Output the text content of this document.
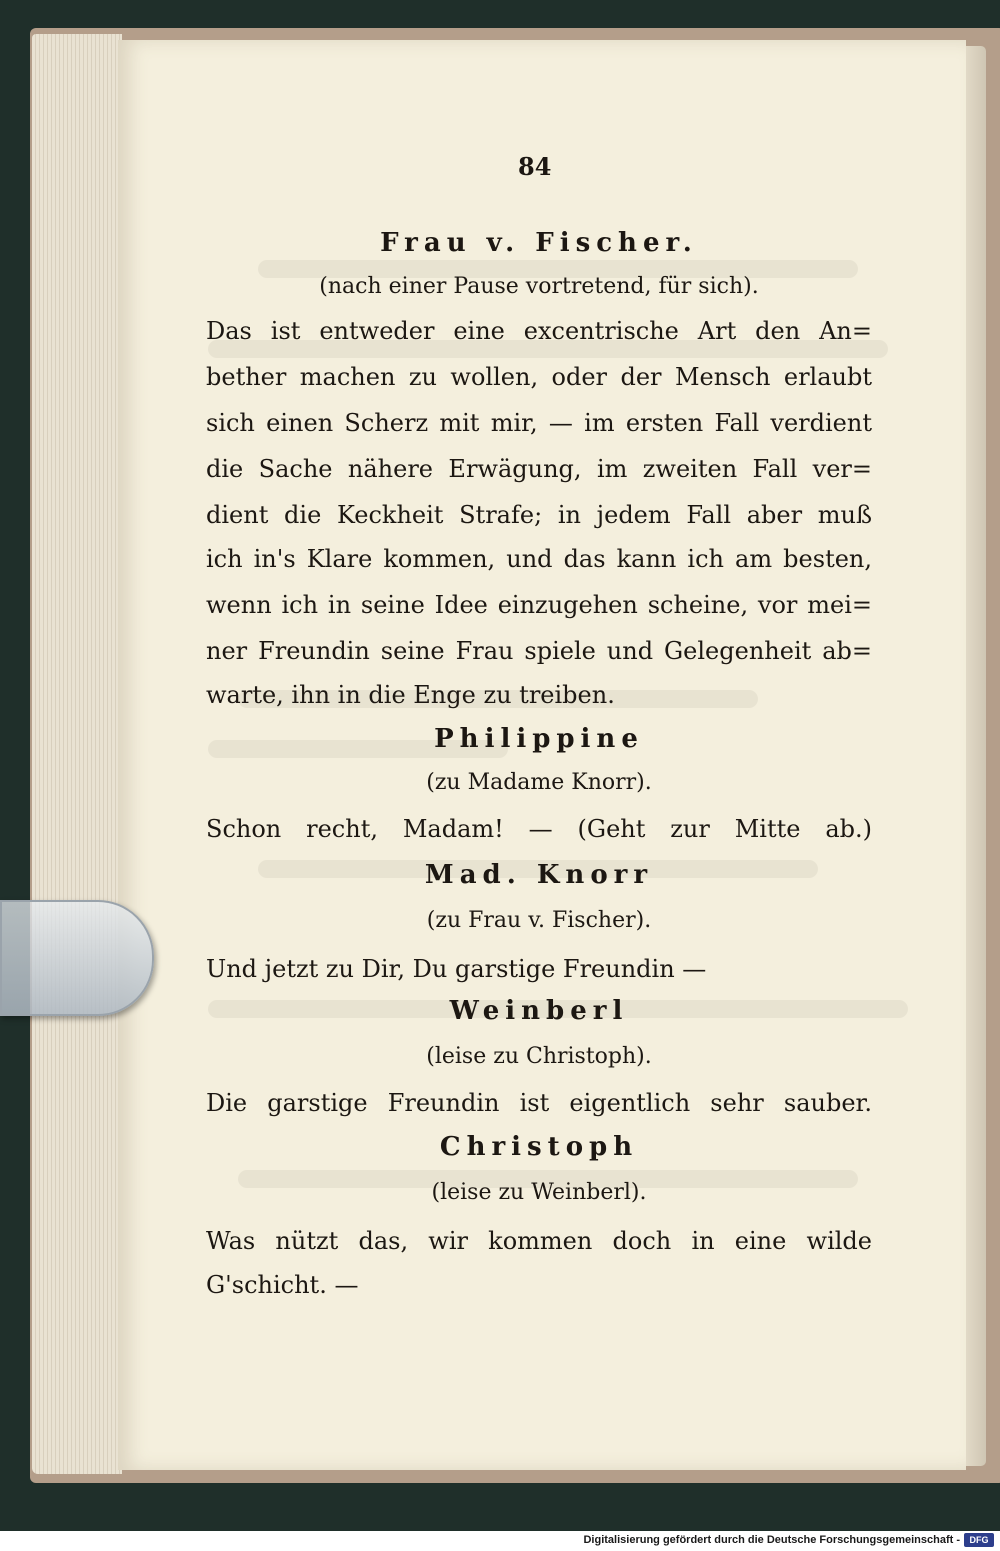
84
Frau v. Fischer.
(nach einer Pause vortretend, für sich).
Das ist entweder eine excentrische Art den An=
bether machen zu wollen, oder der Mensch erlaubt
sich einen Scherz mit mir, — im ersten Fall verdient
die Sache nähere Erwägung, im zweiten Fall ver=
dient die Keckheit Strafe; in jedem Fall aber muß
ich in's Klare kommen, und das kann ich am besten,
wenn ich in seine Idee einzugehen scheine, vor mei=
ner Freundin seine Frau spiele und Gelegenheit ab=
warte, ihn in die Enge zu treiben.
Philippine
(zu Madame Knorr).
Schon recht, Madam! — (Geht zur Mitte ab.)
Mad. Knorr
(zu Frau v. Fischer).
Und jetzt zu Dir, Du garstige Freundin —
Weinberl
(leise zu Christoph).
Die garstige Freundin ist eigentlich sehr sauber.
Christoph
(leise zu Weinberl).
Was nützt das, wir kommen doch in eine wilde
G'schicht. —
Digitalisierung gefördert durch die Deutsche Forschungsgemeinschaft -	DFG
